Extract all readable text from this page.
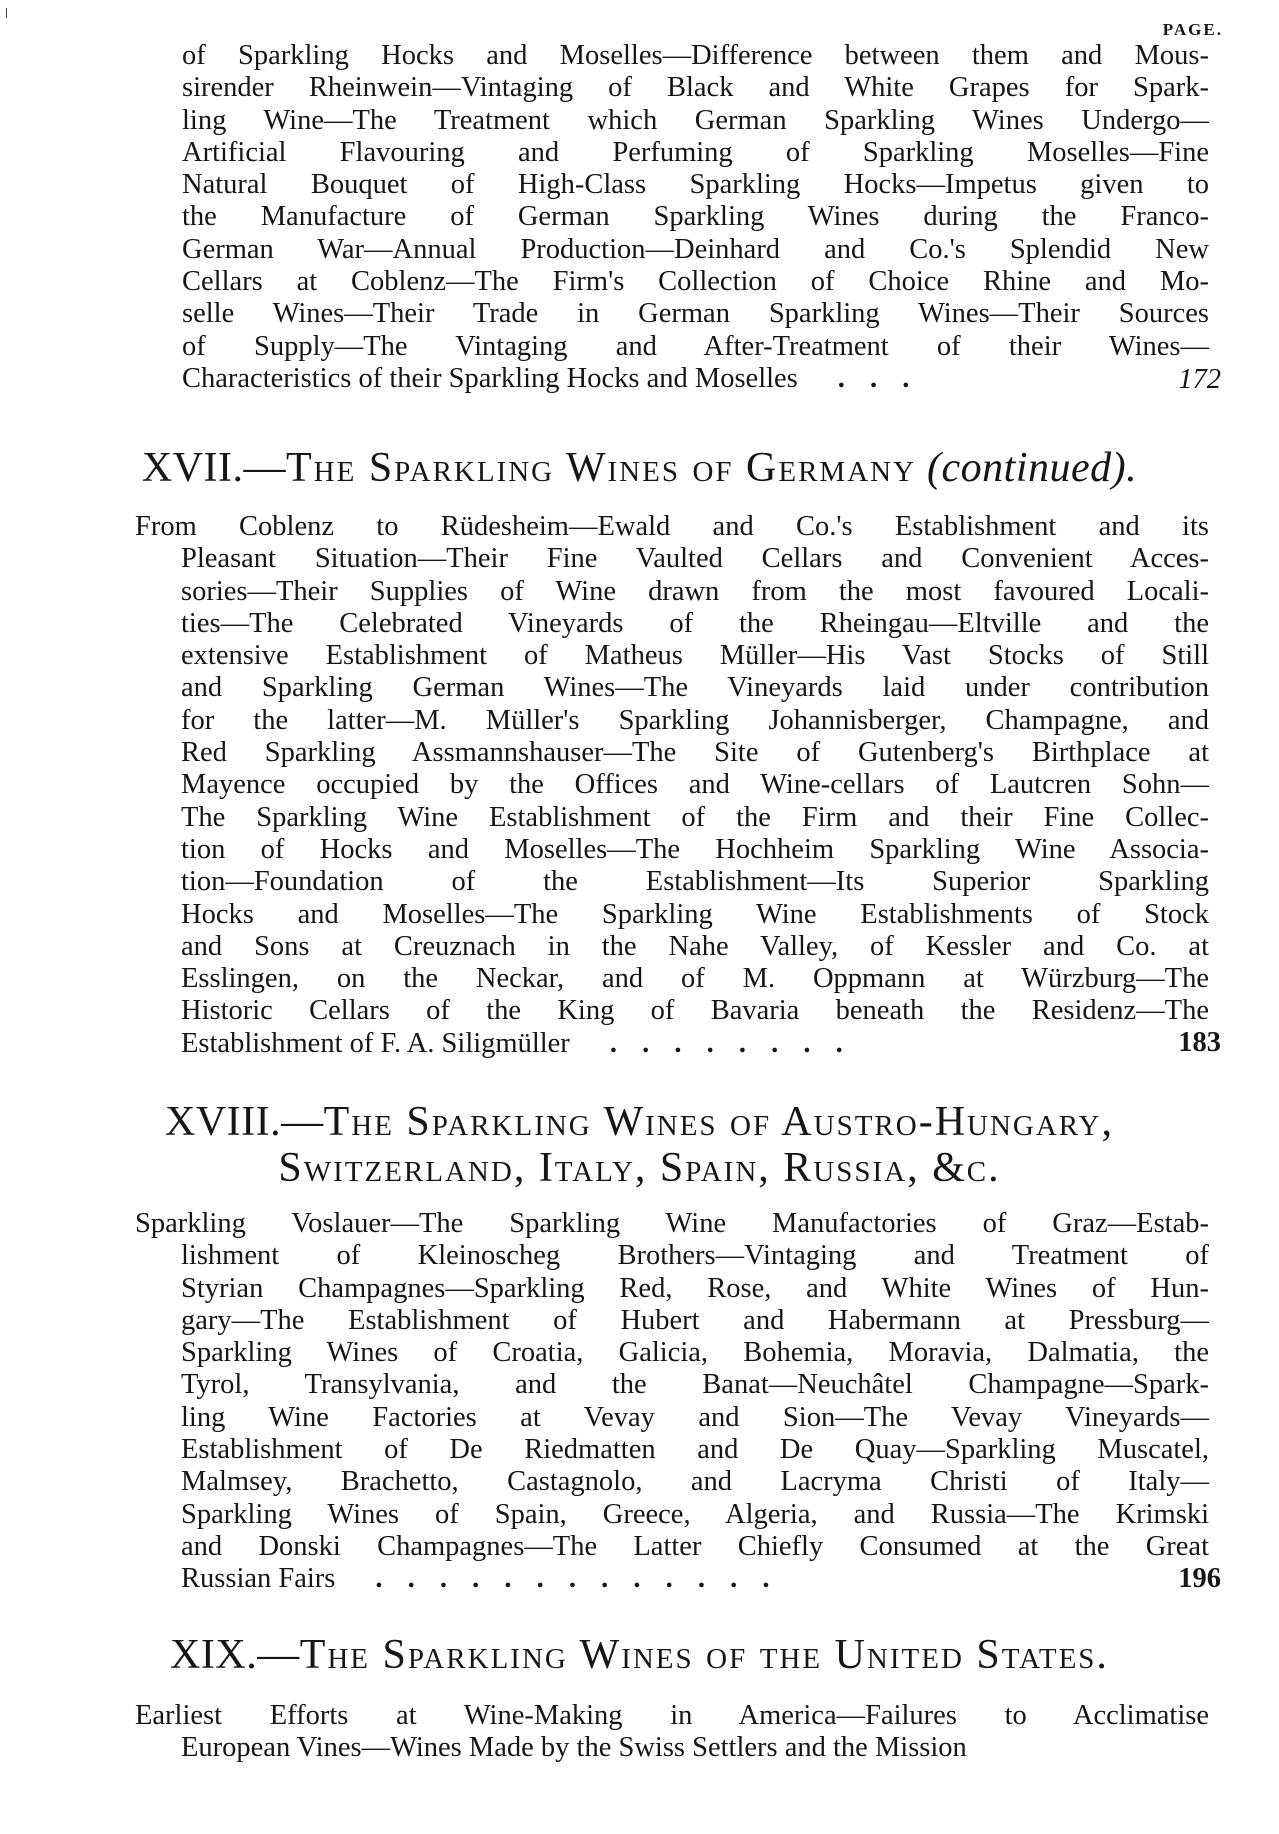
PAGE.
of Sparkling Hocks and Moselles—Difference between them and Mous-
sirender Rheinwein—Vintaging of Black and White Grapes for Spark-
ling Wine—The Treatment which German Sparkling Wines Undergo—
Artificial Flavouring and Perfuming of Sparkling Moselles—Fine
Natural Bouquet of High-Class Sparkling Hocks—Impetus given to
the Manufacture of German Sparkling Wines during the Franco-
German War—Annual Production—Deinhard and Co.'s Splendid New
Cellars at Coblenz—The Firm's Collection of Choice Rhine and Mo-
selle Wines—Their Trade in German Sparkling Wines—Their Sources
of Supply—The Vintaging and After-Treatment of their Wines—
Characteristics of their Sparkling Hocks and Moselles . . .	172
XVII.—The Sparkling Wines of Germany (continued).
From Coblenz to Rüdesheim—Ewald and Co.'s Establishment and its
Pleasant Situation—Their Fine Vaulted Cellars and Convenient Acces-
sories—Their Supplies of Wine drawn from the most favoured Locali-
ties—The Celebrated Vineyards of the Rheingau—Eltville and the
extensive Establishment of Matheus Müller—His Vast Stocks of Still
and Sparkling German Wines—The Vineyards laid under contribution
for the latter—M. Müller's Sparkling Johannisberger, Champagne, and
Red Sparkling Assmannshauser—The Site of Gutenberg's Birthplace at
Mayence occupied by the Offices and Wine-cellars of Lautcren Sohn—
The Sparkling Wine Establishment of the Firm and their Fine Collec-
tion of Hocks and Moselles—The Hochheim Sparkling Wine Associa-
tion—Foundation of the Establishment—Its Superior Sparkling
Hocks and Moselles—The Sparkling Wine Establishments of Stock
and Sons at Creuznach in the Nahe Valley, of Kessler and Co. at
Esslingen, on the Neckar, and of M. Oppmann at Würzburg—The
Historic Cellars of the King of Bavaria beneath the Residenz—The
Establishment of F. A. Siligmüller . . . . . . . .	183
XVIII.—The Sparkling Wines of Austro-Hungary,
Switzerland, Italy, Spain, Russia, &c.
Sparkling Voslauer—The Sparkling Wine Manufactories of Graz—Estab-
lishment of Kleinoscheg Brothers—Vintaging and Treatment of
Styrian Champagnes—Sparkling Red, Rose, and White Wines of Hun-
gary—The Establishment of Hubert and Habermann at Pressburg—
Sparkling Wines of Croatia, Galicia, Bohemia, Moravia, Dalmatia, the
Tyrol, Transylvania, and the Banat—Neuchâtel Champagne—Spark-
ling Wine Factories at Vevay and Sion—The Vevay Vineyards—
Establishment of De Riedmatten and De Quay—Sparkling Muscatel,
Malmsey, Brachetto, Castagnolo, and Lacryma Christi of Italy—
Sparkling Wines of Spain, Greece, Algeria, and Russia—The Krimski
and Donski Champagnes—The Latter Chiefly Consumed at the Great
Russian Fairs . . . . . . . . . . . . .	196
XIX.—The Sparkling Wines of the United States.
Earliest Efforts at Wine-Making in America—Failures to Acclimatise
European Vines—Wines Made by the Swiss Settlers and the Mission
